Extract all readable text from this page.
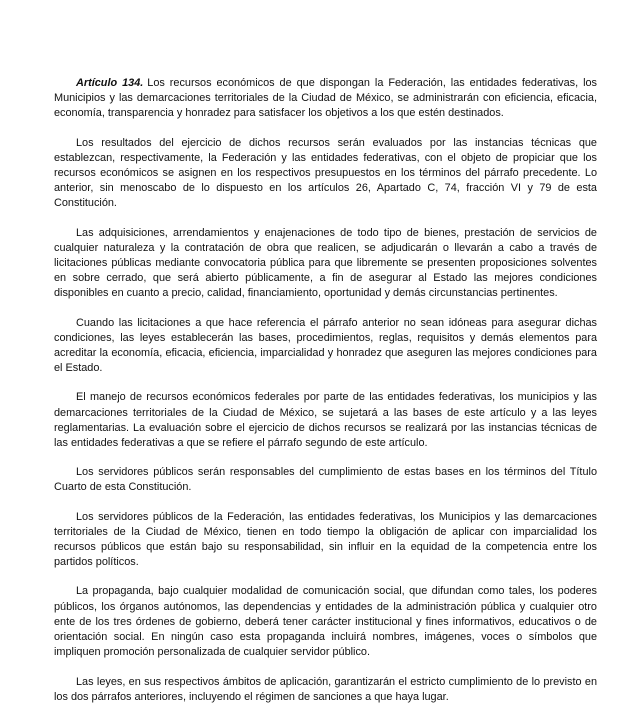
Artículo 134. Los recursos económicos de que dispongan la Federación, las entidades federativas, los Municipios y las demarcaciones territoriales de la Ciudad de México, se administrarán con eficiencia, eficacia, economía, transparencia y honradez para satisfacer los objetivos a los que estén destinados.

Los resultados del ejercicio de dichos recursos serán evaluados por las instancias técnicas que establezcan, respectivamente, la Federación y las entidades federativas, con el objeto de propiciar que los recursos económicos se asignen en los respectivos presupuestos en los términos del párrafo precedente. Lo anterior, sin menoscabo de lo dispuesto en los artículos 26, Apartado C, 74, fracción VI y 79 de esta Constitución.

Las adquisiciones, arrendamientos y enajenaciones de todo tipo de bienes, prestación de servicios de cualquier naturaleza y la contratación de obra que realicen, se adjudicarán o llevarán a cabo a través de licitaciones públicas mediante convocatoria pública para que libremente se presenten proposiciones solventes en sobre cerrado, que será abierto públicamente, a fin de asegurar al Estado las mejores condiciones disponibles en cuanto a precio, calidad, financiamiento, oportunidad y demás circunstancias pertinentes.

Cuando las licitaciones a que hace referencia el párrafo anterior no sean idóneas para asegurar dichas condiciones, las leyes establecerán las bases, procedimientos, reglas, requisitos y demás elementos para acreditar la economía, eficacia, eficiencia, imparcialidad y honradez que aseguren las mejores condiciones para el Estado.

El manejo de recursos económicos federales por parte de las entidades federativas, los municipios y las demarcaciones territoriales de la Ciudad de México, se sujetará a las bases de este artículo y a las leyes reglamentarias. La evaluación sobre el ejercicio de dichos recursos se realizará por las instancias técnicas de las entidades federativas a que se refiere el párrafo segundo de este artículo.

Los servidores públicos serán responsables del cumplimiento de estas bases en los términos del Título Cuarto de esta Constitución.

Los servidores públicos de la Federación, las entidades federativas, los Municipios y las demarcaciones territoriales de la Ciudad de México, tienen en todo tiempo la obligación de aplicar con imparcialidad los recursos públicos que están bajo su responsabilidad, sin influir en la equidad de la competencia entre los partidos políticos.

La propaganda, bajo cualquier modalidad de comunicación social, que difundan como tales, los poderes públicos, los órganos autónomos, las dependencias y entidades de la administración pública y cualquier otro ente de los tres órdenes de gobierno, deberá tener carácter institucional y fines informativos, educativos o de orientación social. En ningún caso esta propaganda incluirá nombres, imágenes, voces o símbolos que impliquen promoción personalizada de cualquier servidor público.

Las leyes, en sus respectivos ámbitos de aplicación, garantizarán el estricto cumplimiento de lo previsto en los dos párrafos anteriores, incluyendo el régimen de sanciones a que haya lugar.
